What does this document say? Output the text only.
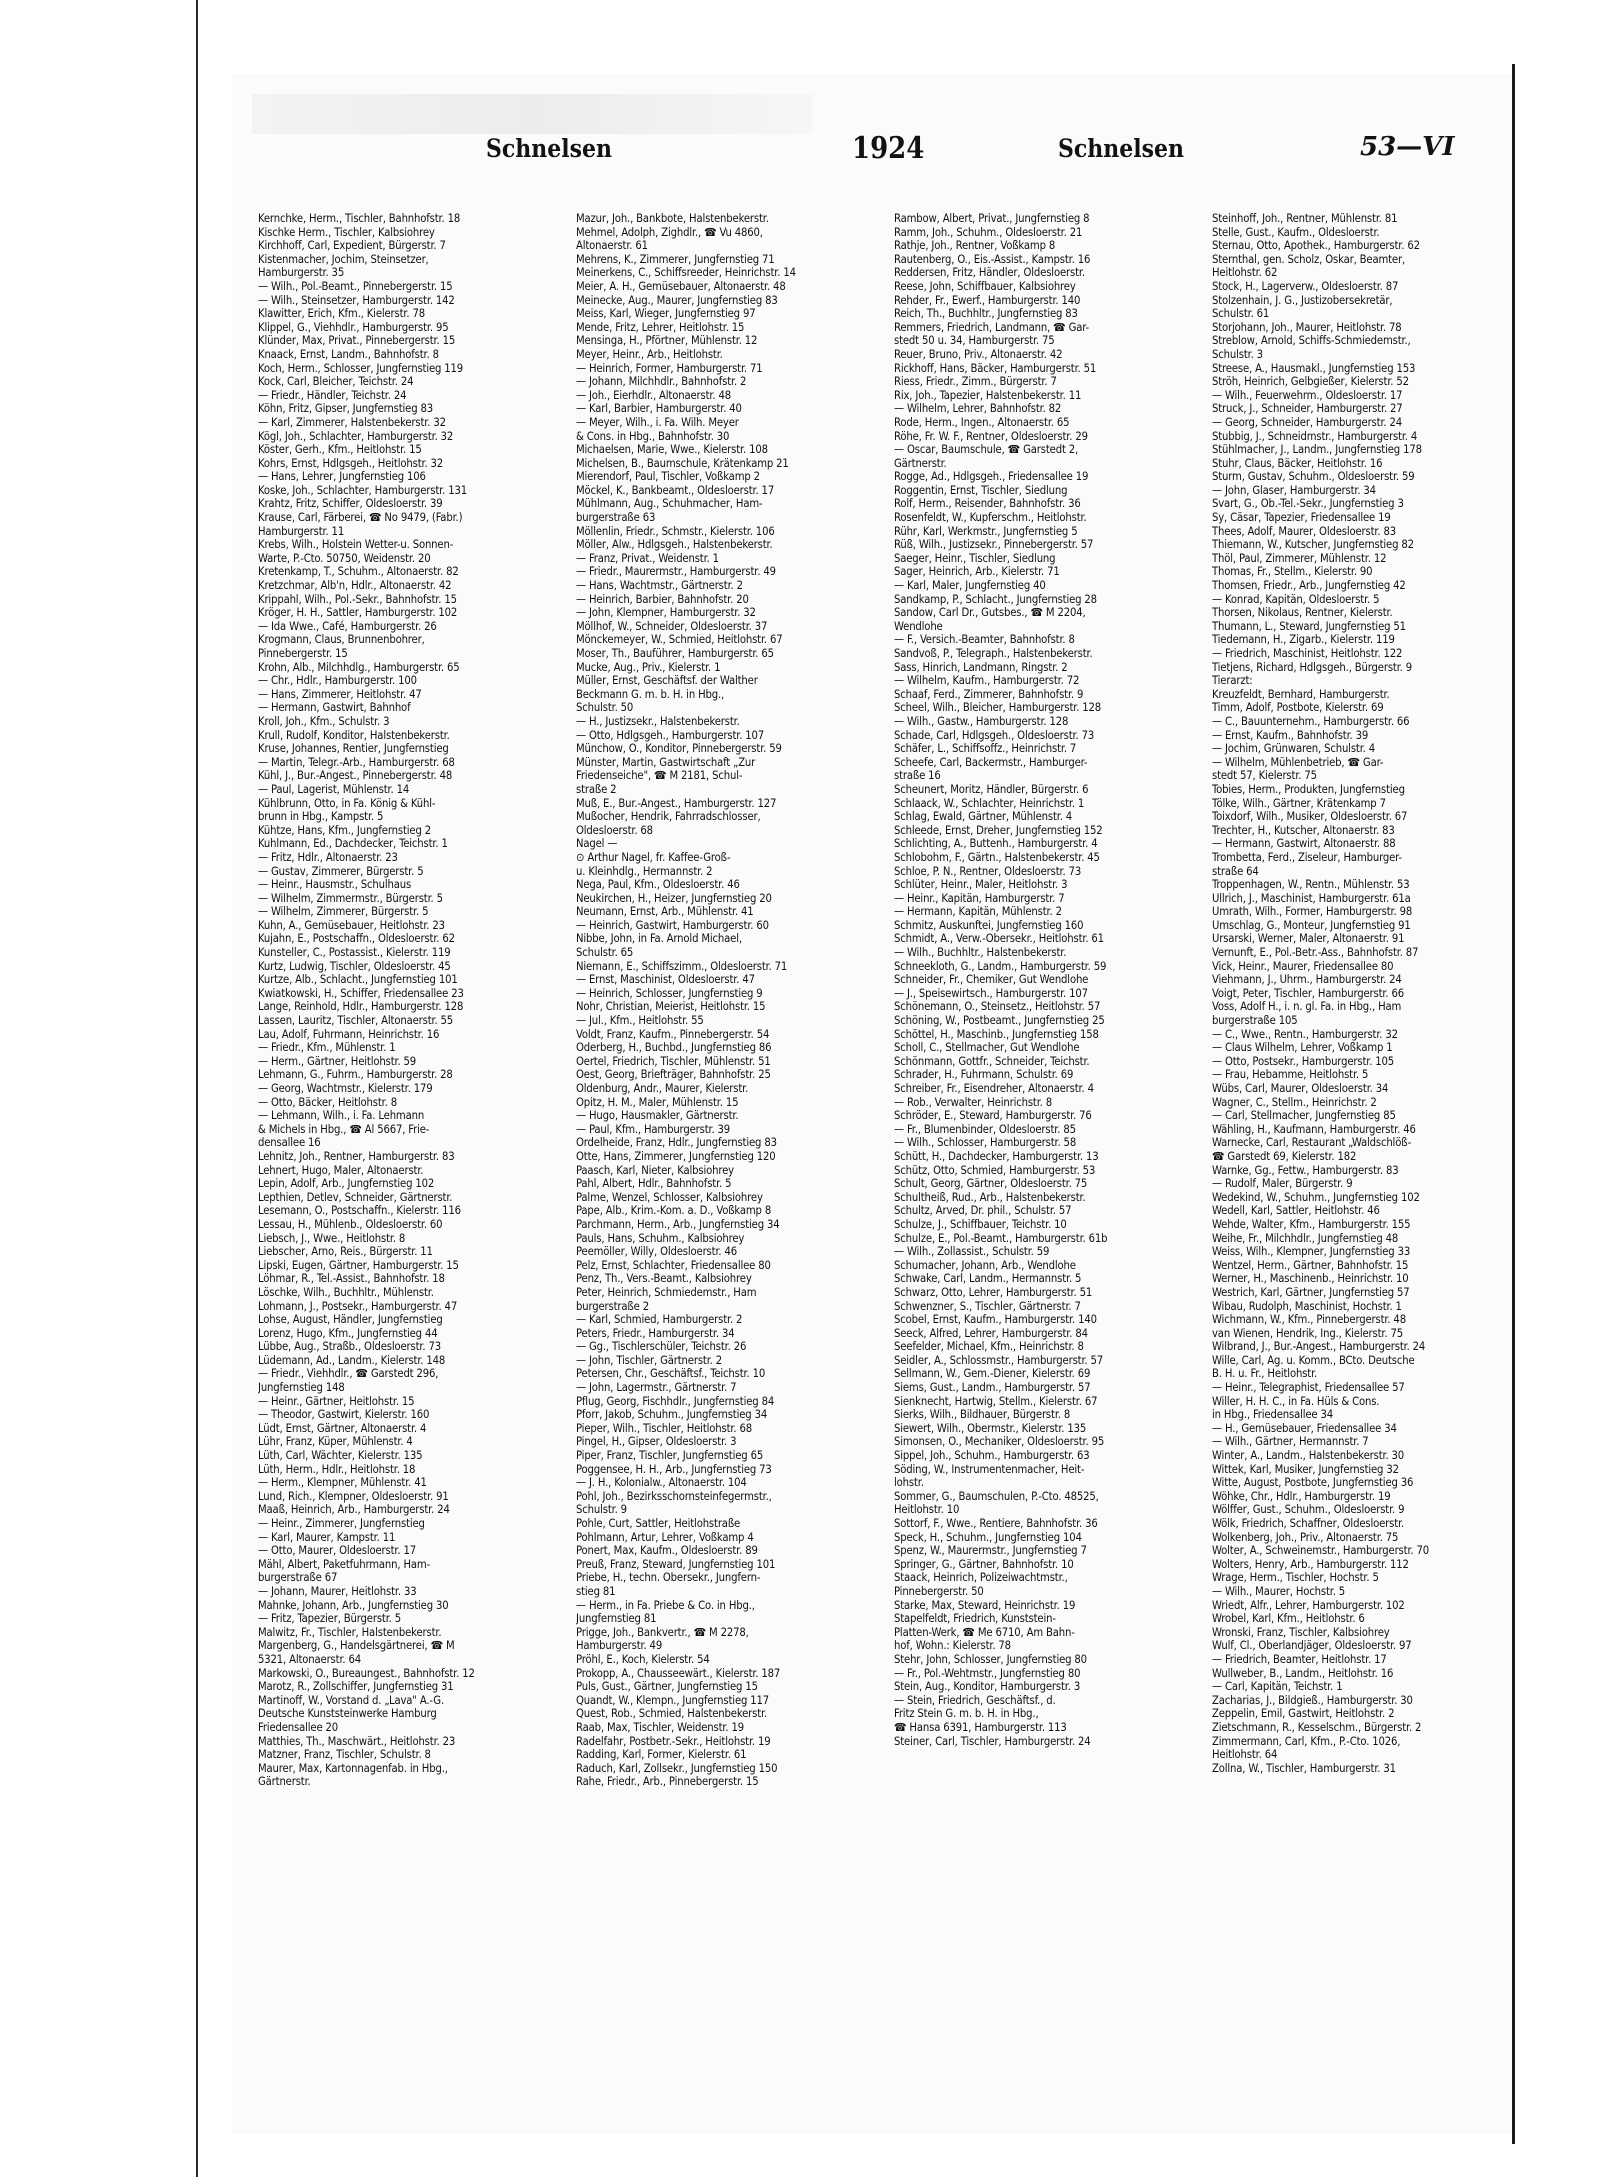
Schnelsen	1924	Schnelsen	53—VI
Kernchke, Herm., Tischler, Bahnhofstr. 18
Kischke Herm., Tischler, Kalbsiohrey
Kirchhoff, Carl, Expedient, Bürgerstr. 7
Kistenmacher, Jochim, Steinsetzer,
Hamburgerstr. 35
— Wilh., Pol.-Beamt., Pinnebergerstr. 15
— Wilh., Steinsetzer, Hamburgerstr. 142
Klawitter, Erich, Kfm., Kielerstr. 78
Klippel, G., Viehhdlr., Hamburgerstr. 95
Klünder, Max, Privat., Pinnebergerstr. 15
Knaack, Ernst, Landm., Bahnhofstr. 8
Koch, Herm., Schlosser, Jungfernstieg 119
Kock, Carl, Bleicher, Teichstr. 24
— Friedr., Händler, Teichstr. 24
Köhn, Fritz, Gipser, Jungfernstieg 83
— Karl, Zimmerer, Halstenbekerstr. 32
Kögl, Joh., Schlachter, Hamburgerstr. 32
Köster, Gerh., Kfm., Heitlohstr. 15
Kohrs, Ernst, Hdlgsgeh., Heitlohstr. 32
— Hans, Lehrer, Jungfernstieg 106
Koske, Joh., Schlachter, Hamburgerstr. 131
Krahtz, Fritz, Schiffer, Oldesloerstr. 39
Krause, Carl, Färberei, ☎ No 9479, (Fabr.)
Hamburgerstr. 11
Krebs, Wilh., Holstein Wetter-u. Sonnen-
Warte, P.-Cto. 50750, Weidenstr. 20
Kretenkamp, T., Schuhm., Altonaerstr. 82
Kretzchmar, Alb'n, Hdlr., Altonaerstr. 42
Krippahl, Wilh., Pol.-Sekr., Bahnhofstr. 15
Kröger, H. H., Sattler, Hamburgerstr. 102
— Ida Wwe., Café, Hamburgerstr. 26
Krogmann, Claus, Brunnenbohrer,
Pinnebergerstr. 15
Krohn, Alb., Milchhdlg., Hamburgerstr. 65
— Chr., Hdlr., Hamburgerstr. 100
— Hans, Zimmerer, Heitlohstr. 47
— Hermann, Gastwirt, Bahnhof
Kroll, Joh., Kfm., Schulstr. 3
Krull, Rudolf, Konditor, Halstenbekerstr.
Kruse, Johannes, Rentier, Jungfernstieg
— Martin, Telegr.-Arb., Hamburgerstr. 68
Kühl, J., Bur.-Angest., Pinnebergerstr. 48
— Paul, Lagerist, Mühlenstr. 14
Kühlbrunn, Otto, in Fa. König & Kühl-
brunn in Hbg., Kampstr. 5
Kühtze, Hans, Kfm., Jungfernstieg 2
Kuhlmann, Ed., Dachdecker, Teichstr. 1
— Fritz, Hdlr., Altonaerstr. 23
— Gustav, Zimmerer, Bürgerstr. 5
— Heinr., Hausmstr., Schulhaus
— Wilhelm, Zimmermstr., Bürgerstr. 5
— Wilhelm, Zimmerer, Bürgerstr. 5
Kuhn, A., Gemüsebauer, Heitlohstr. 23
Kujahn, E., Postschaffn., Oldesloerstr. 62
Kunsteller, C., Postassist., Kielerstr. 119
Kurtz, Ludwig, Tischler, Oldesloerstr. 45
Kurtze, Alb., Schlacht., Jungfernstieg 101
Kwiatkowski, H., Schiffer, Friedensallee 23
Lange, Reinhold, Hdlr., Hamburgerstr. 128
Lassen, Lauritz, Tischler, Altonaerstr. 55
Lau, Adolf, Fuhrmann, Heinrichstr. 16
— Friedr., Kfm., Mühlenstr. 1
— Herm., Gärtner, Heitlohstr. 59
Lehmann, G., Fuhrm., Hamburgerstr. 28
— Georg, Wachtmstr., Kielerstr. 179
— Otto, Bäcker, Heitlohstr. 8
— Lehmann, Wilh., i. Fa. Lehmann
& Michels in Hbg., ☎ Al 5667, Frie-
densallee 16
Lehnitz, Joh., Rentner, Hamburgerstr. 83
Lehnert, Hugo, Maler, Altonaerstr.
Lepin, Adolf, Arb., Jungfernstieg 102
Lepthien, Detlev, Schneider, Gärtnerstr.
Lesemann, O., Postschaffn., Kielerstr. 116
Lessau, H., Mühlenb., Oldesloerstr. 60
Liebsch, J., Wwe., Heitlohstr. 8
Liebscher, Arno, Reis., Bürgerstr. 11
Lipski, Eugen, Gärtner, Hamburgerstr. 15
Löhmar, R., Tel.-Assist., Bahnhofstr. 18
Löschke, Wilh., Buchhltr., Mühlenstr.
Lohmann, J., Postsekr., Hamburgerstr. 47
Lohse, August, Händler, Jungfernstieg
Lorenz, Hugo, Kfm., Jungfernstieg 44
Lübbe, Aug., Straßb., Oldesloerstr. 73
Lüdemann, Ad., Landm., Kielerstr. 148
— Friedr., Viehhdlr., ☎ Garstedt 296,
Jungfernstieg 148
— Heinr., Gärtner, Heitlohstr. 15
— Theodor, Gastwirt, Kielerstr. 160
Lüdt, Ernst, Gärtner, Altonaerstr. 4
Lühr, Franz, Küper, Mühlenstr. 4
Lüth, Carl, Wächter, Kielerstr. 135
Lüth, Herm., Hdlr., Heitlohstr. 18
— Herm., Klempner, Mühlenstr. 41
Lund, Rich., Klempner, Oldesloerstr. 91
Maaß, Heinrich, Arb., Hamburgerstr. 24
— Heinr., Zimmerer, Jungfernstieg
— Karl, Maurer, Kampstr. 11
— Otto, Maurer, Oldesloerstr. 17
Mähl, Albert, Paketfuhrmann, Ham-
burgerstraße 67
— Johann, Maurer, Heitlohstr. 33
Mahnke, Johann, Arb., Jungfernstieg 30
— Fritz, Tapezier, Bürgerstr. 5
Malwitz, Fr., Tischler, Halstenbekerstr.
Margenberg, G., Handelsgärtnerei, ☎ M
5321, Altonaerstr. 64
Markowski, O., Bureaungest., Bahnhofstr. 12
Marotz, R., Zollschiffer, Jungfernstieg 31
Martinoff, W., Vorstand d. „Lava" A.-G.
Deutsche Kunststeinwerke Hamburg
Friedensallee 20
Matthies, Th., Maschwärt., Heitlohstr. 23
Matzner, Franz, Tischler, Schulstr. 8
Maurer, Max, Kartonnagenfab. in Hbg.,
Gärtnerstr.
Mazur, Joh., Bankbote, Halstenbekerstr.
Mehmel, Adolph, Zighdlr., ☎ Vu 4860,
Altonaerstr. 61
Mehrens, K., Zimmerer, Jungfernstieg 71
Meinerkens, C., Schiffsreeder, Heinrichstr. 14
Meier, A. H., Gemüsebauer, Altonaerstr. 48
Meinecke, Aug., Maurer, Jungfernstieg 83
Meiss, Karl, Wieger, Jungfernstieg 97
Mende, Fritz, Lehrer, Heitlohstr. 15
Mensinga, H., Pförtner, Mühlenstr. 12
Meyer, Heinr., Arb., Heitlohstr.
— Heinrich, Former, Hamburgerstr. 71
— Johann, Milchhdlr., Bahnhofstr. 2
— Joh., Eierhdlr., Altonaerstr. 48
— Karl, Barbier, Hamburgerstr. 40
— Meyer, Wilh., i. Fa. Wilh. Meyer
& Cons. in Hbg., Bahnhofstr. 30
Michaelsen, Marie, Wwe., Kielerstr. 108
Michelsen, B., Baumschule, Krätenkamp 21
Mierendorf, Paul, Tischler, Voßkamp 2
Möckel, K., Bankbeamt., Oldesloerstr. 17
Mühlmann, Aug., Schuhmacher, Ham-
burgerstraße 63
Möllenlin, Friedr., Schmstr., Kielerstr. 106
Möller, Alw., Hdlgsgeh., Halstenbekerstr.
— Franz, Privat., Weidenstr. 1
— Friedr., Maurermstr., Hamburgerstr. 49
— Hans, Wachtmstr., Gärtnerstr. 2
— Heinrich, Barbier, Bahnhofstr. 20
— John, Klempner, Hamburgerstr. 32
Möllhof, W., Schneider, Oldesloerstr. 37
Mönckemeyer, W., Schmied, Heitlohstr. 67
Moser, Th., Bauführer, Hamburgerstr. 65
Mucke, Aug., Priv., Kielerstr. 1
Müller, Ernst, Geschäftsf. der Walther
Beckmann G. m. b. H. in Hbg.,
Schulstr. 50
— H., Justizsekr., Halstenbekerstr.
— Otto, Hdlgsgeh., Hamburgerstr. 107
Münchow, O., Konditor, Pinnebergerstr. 59
Münster, Martin, Gastwirtschaft „Zur
Friedenseiche", ☎ M 2181, Schul-
straße 2
Muß, E., Bur.-Angest., Hamburgerstr. 127
Mußocher, Hendrik, Fahrradschlosser,
Oldesloerstr. 68
Nagel —
⊙ Arthur Nagel, fr. Kaffee-Groß-
u. Kleinhdlg., Hermannstr. 2
Nega, Paul, Kfm., Oldesloerstr. 46
Neukirchen, H., Heizer, Jungfernstieg 20
Neumann, Ernst, Arb., Mühlenstr. 41
— Heinrich, Gastwirt, Hamburgerstr. 60
Nibbe, John, in Fa. Arnold Michael,
Schulstr. 65
Niemann, E., Schiffszimm., Oldesloerstr. 71
— Ernst, Maschinist, Oldesloerstr. 47
— Heinrich, Schlosser, Jungfernstieg 9
Nohr, Christian, Meierist, Heitlohstr. 15
— Jul., Kfm., Heitlohstr. 55
Voldt, Franz, Kaufm., Pinnebergerstr. 54
Oderberg, H., Buchbd., Jungfernstieg 86
Oertel, Friedrich, Tischler, Mühlenstr. 51
Oest, Georg, Briefträger, Bahnhofstr. 25
Oldenburg, Andr., Maurer, Kielerstr.
Opitz, H. M., Maler, Mühlenstr. 15
— Hugo, Hausmakler, Gärtnerstr.
— Paul, Kfm., Hamburgerstr. 39
Ordelheide, Franz, Hdlr., Jungfernstieg 83
Otte, Hans, Zimmerer, Jungfernstieg 120
Paasch, Karl, Nieter, Kalbsiohrey
Pahl, Albert, Hdlr., Bahnhofstr. 5
Palme, Wenzel, Schlosser, Kalbsiohrey
Pape, Alb., Krim.-Kom. a. D., Voßkamp 8
Parchmann, Herm., Arb., Jungfernstieg 34
Pauls, Hans, Schuhm., Kalbsiohrey
Peemöller, Willy, Oldesloerstr. 46
Pelz, Ernst, Schlachter, Friedensallee 80
Penz, Th., Vers.-Beamt., Kalbsiohrey
Peter, Heinrich, Schmiedemstr., Ham
burgerstraße 2
— Karl, Schmied, Hamburgerstr. 2
Peters, Friedr., Hamburgerstr. 34
— Gg., Tischlerschüler, Teichstr. 26
— John, Tischler, Gärtnerstr. 2
Petersen, Chr., Geschäftsf., Teichstr. 10
— John, Lagermstr., Gärtnerstr. 7
Pflug, Georg, Fischhdlr., Jungfernstieg 84
Pforr, Jakob, Schuhm., Jungfernstieg 34
Pieper, Wilh., Tischler, Heitlohstr. 68
Pingel, H., Gipser, Oldesloerstr. 3
Piper, Franz, Tischler, Jungfernstieg 65
Poggensee, H. H., Arb., Jungfernstieg 73
— J. H., Kolonialw., Altonaerstr. 104
Pohl, Joh., Bezirksschornsteinfegermstr.,
Schulstr. 9
Pohle, Curt, Sattler, Heitlohstraße
Pohlmann, Artur, Lehrer, Voßkamp 4
Ponert, Max, Kaufm., Oldesloerstr. 89
Preuß, Franz, Steward, Jungfernstieg 101
Priebe, H., techn. Obersekr., Jungfern-
stieg 81
— Herm., in Fa. Priebe & Co. in Hbg.,
Jungfernstieg 81
Prigge, Joh., Bankvertr., ☎ M 2278,
Hamburgerstr. 49
Pröhl, E., Koch, Kielerstr. 54
Prokopp, A., Chausseewärt., Kielerstr. 187
Puls, Gust., Gärtner, Jungfernstieg 15
Quandt, W., Klempn., Jungfernstieg 117
Quest, Rob., Schmied, Halstenbekerstr.
Raab, Max, Tischler, Weidenstr. 19
Radelfahr, Postbetr.-Sekr., Heitlohstr. 19
Radding, Karl, Former, Kielerstr. 61
Raduch, Karl, Zollsekr., Jungfernstieg 150
Rahe, Friedr., Arb., Pinnebergerstr. 15
Rambow, Albert, Privat., Jungfernstieg 8
Ramm, Joh., Schuhm., Oldesloerstr. 21
Rathje, Joh., Rentner, Voßkamp 8
Rautenberg, O., Eis.-Assist., Kampstr. 16
Reddersen, Fritz, Händler, Oldesloerstr.
Reese, John, Schiffbauer, Kalbsiohrey
Rehder, Fr., Ewerf., Hamburgerstr. 140
Reich, Th., Buchhltr., Jungfernstieg 83
Remmers, Friedrich, Landmann, ☎ Gar-
stedt 50 u. 34, Hamburgerstr. 75
Reuer, Bruno, Priv., Altonaerstr. 42
Rickhoff, Hans, Bäcker, Hamburgerstr. 51
Riess, Friedr., Zimm., Bürgerstr. 7
Rix, Joh., Tapezier, Halstenbekerstr. 11
— Wilhelm, Lehrer, Bahnhofstr. 82
Rode, Herm., Ingen., Altonaerstr. 65
Röhe, Fr. W. F., Rentner, Oldesloerstr. 29
— Oscar, Baumschule, ☎ Garstedt 2,
Gärtnerstr.
Rogge, Ad., Hdlgsgeh., Friedensallee 19
Roggentin, Ernst, Tischler, Siedlung
Rolf, Herm., Reisender, Bahnhofstr. 36
Rosenfeldt, W., Kupferschm., Heitlohstr.
Rühr, Karl, Werkmstr., Jungfernstieg 5
Rüß, Wilh., Justizsekr., Pinnebergerstr. 57
Saeger, Heinr., Tischler, Siedlung
Sager, Heinrich, Arb., Kielerstr. 71
— Karl, Maler, Jungfernstieg 40
Sandkamp, P., Schlacht., Jungfernstieg 28
Sandow, Carl Dr., Gutsbes., ☎ M 2204,
Wendlohe
— F., Versich.-Beamter, Bahnhofstr. 8
Sandvoß, P., Telegraph., Halstenbekerstr.
Sass, Hinrich, Landmann, Ringstr. 2
— Wilhelm, Kaufm., Hamburgerstr. 72
Schaaf, Ferd., Zimmerer, Bahnhofstr. 9
Scheel, Wilh., Bleicher, Hamburgerstr. 128
— Wilh., Gastw., Hamburgerstr. 128
Schade, Carl, Hdlgsgeh., Oldesloerstr. 73
Schäfer, L., Schiffsoffz., Heinrichstr. 7
Scheefe, Carl, Backermstr., Hamburger-
straße 16
Scheunert, Moritz, Händler, Bürgerstr. 6
Schlaack, W., Schlachter, Heinrichstr. 1
Schlag, Ewald, Gärtner, Mühlenstr. 4
Schleede, Ernst, Dreher, Jungfernstieg 152
Schlichting, A., Buttenh., Hamburgerstr. 4
Schlobohm, F., Gärtn., Halstenbekerstr. 45
Schloe, P. N., Rentner, Oldesloerstr. 73
Schlüter, Heinr., Maler, Heitlohstr. 3
— Heinr., Kapitän, Hamburgerstr. 7
— Hermann, Kapitän, Mühlenstr. 2
Schmitz, Auskunftei, Jungfernstieg 160
Schmidt, A., Verw.-Obersekr., Heitlohstr. 61
— Wilh., Buchhltr., Halstenbekerstr.
Schneekloth, G., Landm., Hamburgerstr. 59
Schneider, Fr., Chemiker, Gut Wendlohe
— J., Speisewirtsch., Hamburgerstr. 107
Schönemann, O., Steinsetz., Heitlohstr. 57
Schöning, W., Postbeamt., Jungfernstieg 25
Schöttel, H., Maschinb., Jungfernstieg 158
Scholl, C., Stellmacher, Gut Wendlohe
Schönmann, Gottfr., Schneider, Teichstr.
Schrader, H., Fuhrmann, Schulstr. 69
Schreiber, Fr., Eisendreher, Altonaerstr. 4
— Rob., Verwalter, Heinrichstr. 8
Schröder, E., Steward, Hamburgerstr. 76
— Fr., Blumenbinder, Oldesloerstr. 85
— Wilh., Schlosser, Hamburgerstr. 58
Schütt, H., Dachdecker, Hamburgerstr. 13
Schütz, Otto, Schmied, Hamburgerstr. 53
Schult, Georg, Gärtner, Oldesloerstr. 75
Schultheiß, Rud., Arb., Halstenbekerstr.
Schultz, Arved, Dr. phil., Schulstr. 57
Schulze, J., Schiffbauer, Teichstr. 10
Schulze, E., Pol.-Beamt., Hamburgerstr. 61b
— Wilh., Zollassist., Schulstr. 59
Schumacher, Johann, Arb., Wendlohe
Schwake, Carl, Landm., Hermannstr. 5
Schwarz, Otto, Lehrer, Hamburgerstr. 51
Schwenzner, S., Tischler, Gärtnerstr. 7
Scobel, Ernst, Kaufm., Hamburgerstr. 140
Seeck, Alfred, Lehrer, Hamburgerstr. 84
Seefelder, Michael, Kfm., Heinrichstr. 8
Seidler, A., Schlossmstr., Hamburgerstr. 57
Sellmann, W., Gem.-Diener, Kielerstr. 69
Siems, Gust., Landm., Hamburgerstr. 57
Sienknecht, Hartwig, Stellm., Kielerstr. 67
Sierks, Wilh., Bildhauer, Bürgerstr. 8
Siewert, Wilh., Obermstr., Kielerstr. 135
Simonsen, O., Mechaniker, Oldesloerstr. 95
Sippel, Joh., Schuhm., Hamburgerstr. 63
Söding, W., Instrumentenmacher, Heit-
lohstr.
Sommer, G., Baumschulen, P.-Cto. 48525,
Heitlohstr. 10
Sottorf, F., Wwe., Rentiere, Bahnhofstr. 36
Speck, H., Schuhm., Jungfernstieg 104
Spenz, W., Maurermstr., Jungfernstieg 7
Springer, G., Gärtner, Bahnhofstr. 10
Staack, Heinrich, Polizeiwachtmstr.,
Pinnebergerstr. 50
Starke, Max, Steward, Heinrichstr. 19
Stapelfeldt, Friedrich, Kunststein-
Platten-Werk, ☎ Me 6710, Am Bahn-
hof, Wohn.: Kielerstr. 78
Stehr, John, Schlosser, Jungfernstieg 80
— Fr., Pol.-Wehtmstr., Jungfernstieg 80
Stein, Aug., Konditor, Hamburgerstr. 3
— Stein, Friedrich, Geschäftsf., d.
Fritz Stein G. m. b. H. in Hbg.,
☎ Hansa 6391, Hamburgerstr. 113
Steiner, Carl, Tischler, Hamburgerstr. 24
Steinhoff, Joh., Rentner, Mühlenstr. 81
Stelle, Gust., Kaufm., Oldesloerstr.
Sternau, Otto, Apothek., Hamburgerstr. 62
Sternthal, gen. Scholz, Oskar, Beamter,
Heitlohstr. 62
Stock, H., Lagerverw., Oldesloerstr. 87
Stolzenhain, J. G., Justizobersekretär,
Schulstr. 61
Storjohann, Joh., Maurer, Heitlohstr. 78
Streblow, Arnold, Schiffs-Schmiedemstr.,
Schulstr. 3
Streese, A., Hausmakl., Jungfernstieg 153
Ströh, Heinrich, Gelbgießer, Kielerstr. 52
— Wilh., Feuerwehrm., Oldesloerstr. 17
Struck, J., Schneider, Hamburgerstr. 27
— Georg, Schneider, Hamburgerstr. 24
Stubbig, J., Schneidmstr., Hamburgerstr. 4
Stühlmacher, J., Landm., Jungfernstieg 178
Stuhr, Claus, Bäcker, Heitlohstr. 16
Sturm, Gustav, Schuhm., Oldesloerstr. 59
— John, Glaser, Hamburgerstr. 34
Svart, G., Ob.-Tel.-Sekr., Jungfernstieg 3
Sy, Cäsar, Tapezier, Friedensallee 19
Thees, Adolf, Maurer, Oldesloerstr. 83
Thiemann, W., Kutscher, Jungfernstieg 82
Thöl, Paul, Zimmerer, Mühlenstr. 12
Thomas, Fr., Stellm., Kielerstr. 90
Thomsen, Friedr., Arb., Jungfernstieg 42
— Konrad, Kapitän, Oldesloerstr. 5
Thorsen, Nikolaus, Rentner, Kielerstr.
Thumann, L., Steward, Jungfernstieg 51
Tiedemann, H., Zigarb., Kielerstr. 119
— Friedrich, Maschinist, Heitlohstr. 122
Tietjens, Richard, Hdlgsgeh., Bürgerstr. 9
Tierarzt:
Kreuzfeldt, Bernhard, Hamburgerstr.
Timm, Adolf, Postbote, Kielerstr. 69
— C., Bauunternehm., Hamburgerstr. 66
— Ernst, Kaufm., Bahnhofstr. 39
— Jochim, Grünwaren, Schulstr. 4
— Wilhelm, Mühlenbetrieb, ☎ Gar-
stedt 57, Kielerstr. 75
Tobies, Herm., Produkten, Jungfernstieg
Tölke, Wilh., Gärtner, Krätenkamp 7
Toixdorf, Wilh., Musiker, Oldesloerstr. 67
Trechter, H., Kutscher, Altonaerstr. 83
— Hermann, Gastwirt, Altonaerstr. 88
Trombetta, Ferd., Ziseleur, Hamburger-
straße 64
Troppenhagen, W., Rentn., Mühlenstr. 53
Ullrich, J., Maschinist, Hamburgerstr. 61a
Umrath, Wilh., Former, Hamburgerstr. 98
Umschlag, G., Monteur, Jungfernstieg 91
Ursarski, Werner, Maler, Altonaerstr. 91
Vernunft, E., Pol.-Betr.-Ass., Bahnhofstr. 87
Vick, Heinr., Maurer, Friedensallee 80
Viehmann, J., Uhrm., Hamburgerstr. 24
Voigt, Peter, Tischler, Hamburgerstr. 66
Voss, Adolf H., i. n. gl. Fa. in Hbg., Ham
burgerstraße 105
— C., Wwe., Rentn., Hamburgerstr. 32
— Claus Wilhelm, Lehrer, Voßkamp 1
— Otto, Postsekr., Hamburgerstr. 105
— Frau, Hebamme, Heitlohstr. 5
Wübs, Carl, Maurer, Oldesloerstr. 34
Wagner, C., Stellm., Heinrichstr. 2
— Carl, Stellmacher, Jungfernstieg 85
Wähling, H., Kaufmann, Hamburgerstr. 46
Warnecke, Carl, Restaurant „Waldschlöß-
☎ Garstedt 69, Kielerstr. 182
Warnke, Gg., Fettw., Hamburgerstr. 83
— Rudolf, Maler, Bürgerstr. 9
Wedekind, W., Schuhm., Jungfernstieg 102
Wedell, Karl, Sattler, Heitlohstr. 46
Wehde, Walter, Kfm., Hamburgerstr. 155
Weihe, Fr., Milchhdlr., Jungfernstieg 48
Weiss, Wilh., Klempner, Jungfernstieg 33
Wentzel, Herm., Gärtner, Bahnhofstr. 15
Werner, H., Maschinenb., Heinrichstr. 10
Westrich, Karl, Gärtner, Jungfernstieg 57
Wibau, Rudolph, Maschinist, Hochstr. 1
Wichmann, W., Kfm., Pinnebergerstr. 48
van Wienen, Hendrik, Ing., Kielerstr. 75
Wilbrand, J., Bur.-Angest., Hamburgerstr. 24
Wille, Carl, Ag. u. Komm., BCto. Deutsche
B. H. u. Fr., Heitlohstr.
— Heinr., Telegraphist, Friedensallee 57
Willer, H. H. C., in Fa. Hüls & Cons.
in Hbg., Friedensallee 34
— H., Gemüsebauer, Friedensallee 34
— Wilh., Gärtner, Hermannstr. 7
Winter, A., Landm., Halstenbekerstr. 30
Wittek, Karl, Musiker, Jungfernstieg 32
Witte, August, Postbote, Jungfernstieg 36
Wöhke, Chr., Hdlr., Hamburgerstr. 19
Wölffer, Gust., Schuhm., Oldesloerstr. 9
Wölk, Friedrich, Schaffner, Oldesloerstr.
Wolkenberg, Joh., Priv., Altonaerstr. 75
Wolter, A., Schweinemstr., Hamburgerstr. 70
Wolters, Henry, Arb., Hamburgerstr. 112
Wrage, Herm., Tischler, Hochstr. 5
— Wilh., Maurer, Hochstr. 5
Wriedt, Alfr., Lehrer, Hamburgerstr. 102
Wrobel, Karl, Kfm., Heitlohstr. 6
Wronski, Franz, Tischler, Kalbsiohrey
Wulf, Cl., Oberlandjäger, Oldesloerstr. 97
— Friedrich, Beamter, Heitlohstr. 17
Wullweber, B., Landm., Heitlohstr. 16
— Carl, Kapitän, Teichstr. 1
Zacharias, J., Bildgieß., Hamburgerstr. 30
Zeppelin, Emil, Gastwirt, Heitlohstr. 2
Zietschmann, R., Kesselschm., Bürgerstr. 2
Zimmermann, Carl, Kfm., P.-Cto. 1026,
Heitlohstr. 64
Zollna, W., Tischler, Hamburgerstr. 31
